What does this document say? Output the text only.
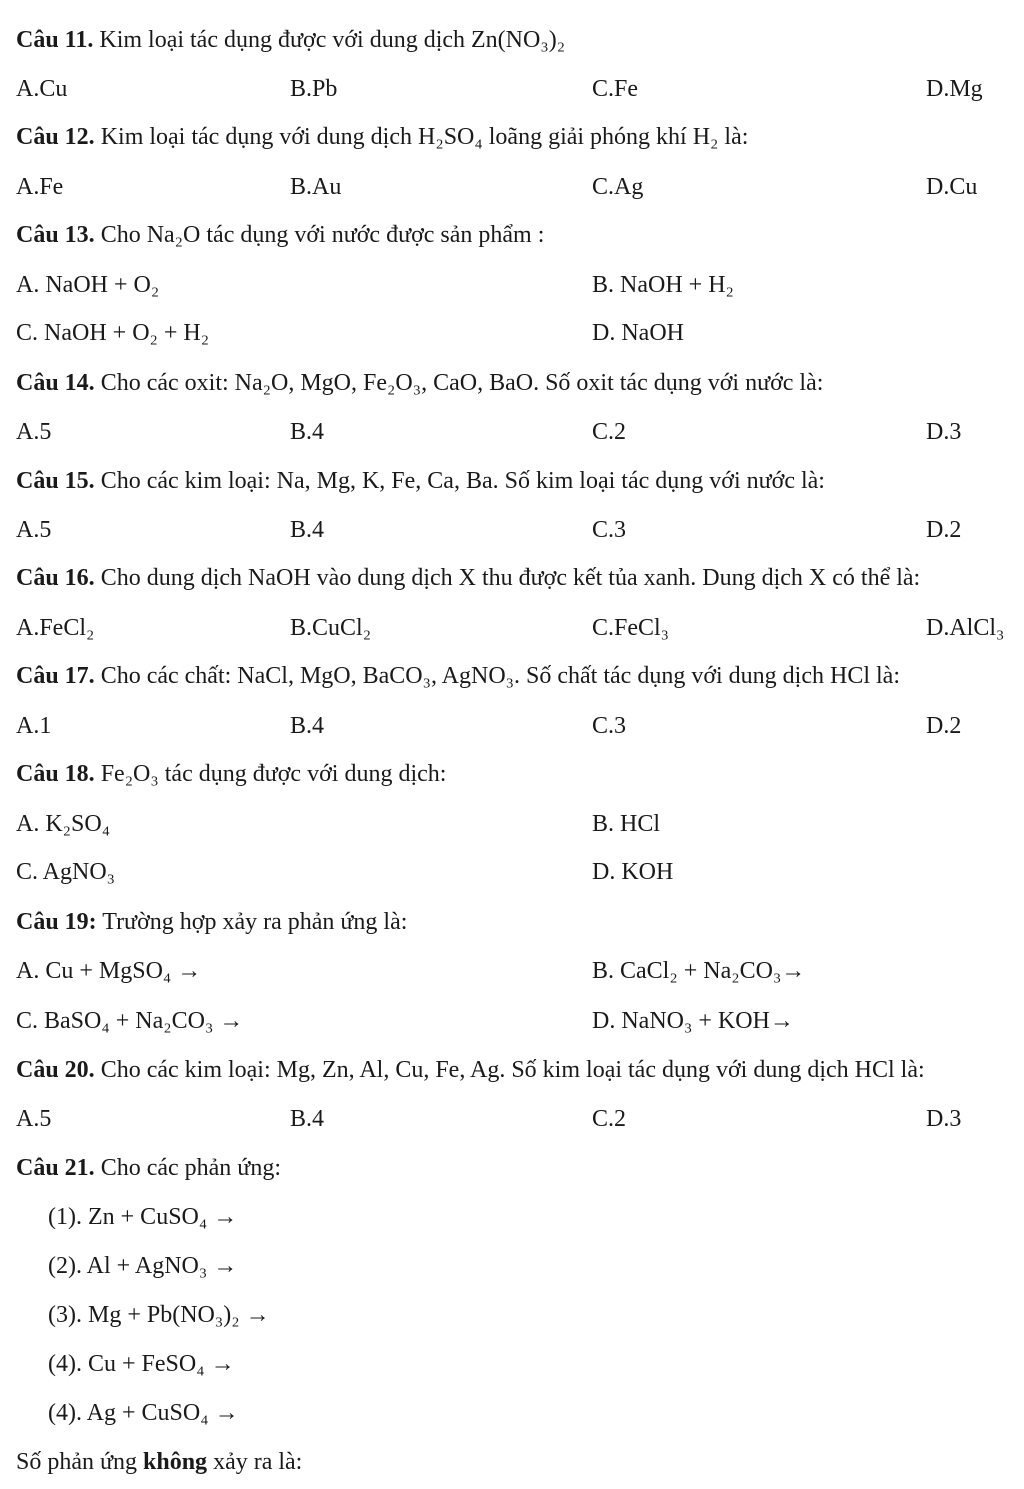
Câu 11. Kim loại tác dụng được với dung dịch Zn(NO₃)₂
A.Cu	B.Pb	C.Fe	D.Mg
Câu 12. Kim loại tác dụng với dung dịch H₂SO₄ loãng giải phóng khí H₂ là:
A.Fe	B.Au	C.Ag	D.Cu
Câu 13. Cho Na₂O tác dụng với nước được sản phẩm :
A. NaOH + O₂	B. NaOH + H₂
C. NaOH + O₂ + H₂	D. NaOH
Câu 14. Cho các oxit: Na₂O, MgO, Fe₂O₃, CaO, BaO. Số oxit tác dụng với nước là:
A.5	B.4	C.2	D.3
Câu 15. Cho các kim loại: Na, Mg, K, Fe, Ca, Ba. Số kim loại tác dụng với nước là:
A.5	B.4	C.3	D.2
Câu 16. Cho dung dịch NaOH vào dung dịch X thu được kết tủa xanh. Dung dịch X có thể là:
A.FeCl₂	B.CuCl₂	C.FeCl₃	D.AlCl₃
Câu 17. Cho các chất: NaCl, MgO, BaCO₃, AgNO₃. Số chất tác dụng với dung dịch HCl là:
A.1	B.4	C.3	D.2
Câu 18. Fe₂O₃ tác dụng được với dung dịch:
A. K₂SO₄	B. HCl
C. AgNO₃	D. KOH
Câu 19: Trường hợp xảy ra phản ứng là:
A. Cu + MgSO₄ →	B. CaCl₂ + Na₂CO₃→
C. BaSO₄ + Na₂CO₃ →	D. NaNO₃ + KOH→
Câu 20. Cho các kim loại: Mg, Zn, Al, Cu, Fe, Ag. Số kim loại tác dụng với dung dịch HCl là:
A.5	B.4	C.2	D.3
Câu 21. Cho các phản ứng:
(1). Zn + CuSO₄ →
(2). Al + AgNO₃ →
(3). Mg + Pb(NO₃)₂ →
(4). Cu + FeSO₄ →
(4). Ag + CuSO₄ →
Số phản ứng không xảy ra là:
